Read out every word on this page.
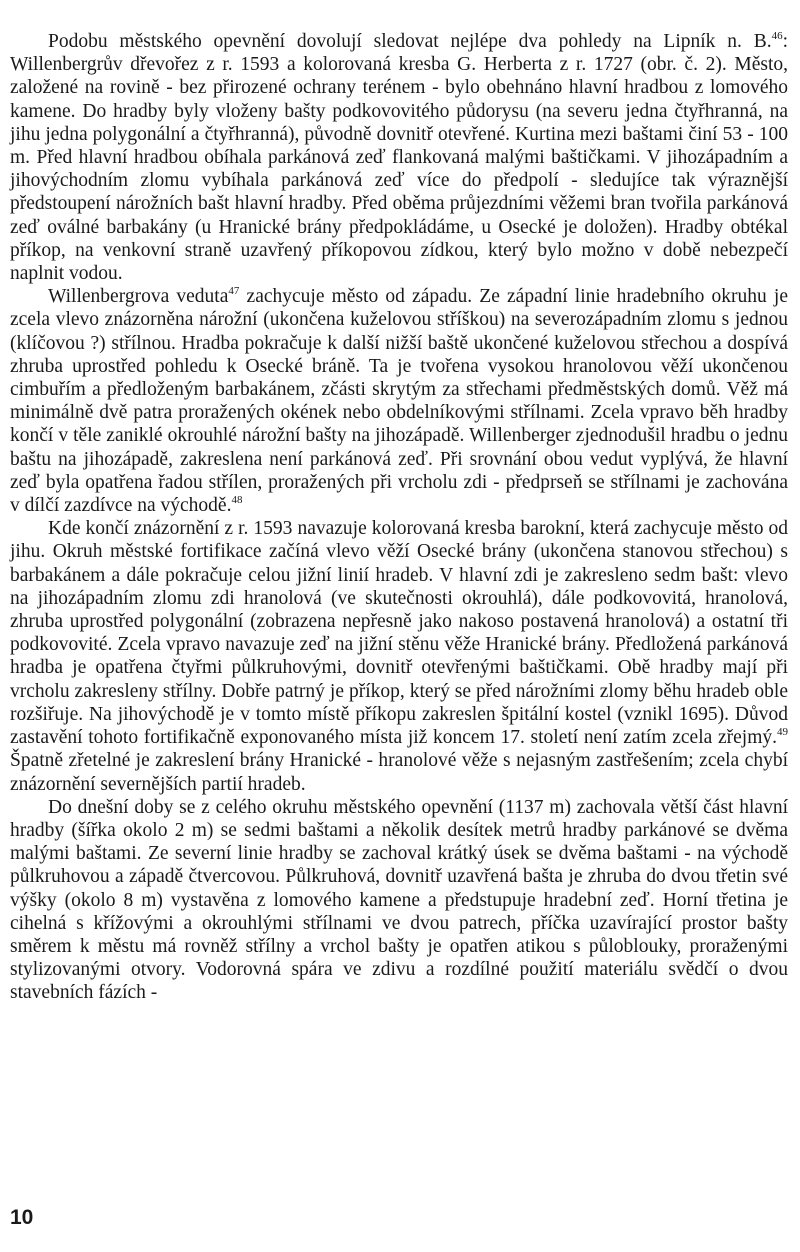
Podobu městského opevnění dovolují sledovat nejlépe dva pohledy na Lipník n. B.$^{46}$: Willenbergrův dřevořez z r. 1593 a kolorovaná kresba G. Herberta z r. 1727 (obr. č. 2). Město, založené na rovině - bez přirozené ochrany terénem - bylo obehnáno hlavní hradbou z lomového kamene. Do hradby byly vloženy bašty podkovovitého půdorysu (na severu jedna čtyřhranná, na jihu jedna polygonální a čtyřhranná), původně dovnitř otevřené. Kurtina mezi baštami činí 53 - 100 m. Před hlavní hradbou obíhala parkánová zeď flankovaná malými baštičkami. V jihozápadním a jihovýchodním zlomu vybíhala parkánová zeď více do předpolí - sledujíce tak výraznější předstoupení nárožních bašt hlavní hradby. Před oběma průjezdními věžemi bran tvořila parkánová zeď oválné barbakány (u Hranické brány předpokládáme, u Osecké je doložen). Hradby obtékal příkop, na venkovní straně uzavřený příkopovou zídkou, který bylo možno v době nebezpečí naplnit vodou.

Willenbergrova veduta$^{47}$ zachycuje město od západu. Ze západní linie hradebního okruhu je zcela vlevo znázorněna nárožní (ukončena kuželovou stříškou) na severozápadním zlomu s jednou (klíčovou ?) střílnou. Hradba pokračuje k další nižší baště ukončené kuželovou střechou a dospívá zhruba uprostřed pohledu k Osecké bráně. Ta je tvořena vysokou hranolovou věží ukončenou cimbuřím a předloženým barbakánem, zčásti skrytým za střechami předměstských domů. Věž má minimálně dvě patra proražených okének nebo obdelníkovými střílnami. Zcela vpravo běh hradby končí v těle zaniklé okrouhlé nárožní bašty na jihozápadě. Willenberger zjednodušil hradbu o jednu baštu na jihozápadě, zakreslena není parkánová zeď. Při srovnání obou vedut vyplývá, že hlavní zeď byla opatřena řadou střílen, proražených při vrcholu zdi - předprseň se střílnami je zachována v dílčí zazdívce na východě.$^{48}$

Kde končí znázornění z r. 1593 navazuje kolorovaná kresba barokní, která zachycuje město od jihu. Okruh městské fortifikace začíná vlevo věží Osecké brány (ukončena stanovou střechou) s barbakánem a dále pokračuje celou jižní linií hradeb. V hlavní zdi je zakresleno sedm bašt: vlevo na jihozápadním zlomu zdi hranolová (ve skutečnosti okrouhlá), dále podkovovitá, hranolová, zhruba uprostřed polygonální (zobrazena nepřesně jako nakoso postavená hranolová) a ostatní tři podkovovité. Zcela vpravo navazuje zeď na jižní stěnu věže Hranické brány. Předložená parkánová hradba je opatřena čtyřmi půlkruhovými, dovnitř otevřenými baštičkami. Obě hradby mají při vrcholu zakresleny střílny. Dobře patrný je příkop, který se před nárožními zlomy běhu hradeb oble rozšiřuje. Na jihovýchodě je v tomto místě příkopu zakreslen špitální kostel (vznikl 1695). Důvod zastavění tohoto fortifikačně exponovaného místa již koncem 17. století není zatím zcela zřejmý.$^{49}$ Špatně zřetelné je zakreslení brány Hranické - hranolové věže s nejasným zastřešením; zcela chybí znázornění severnějších partií hradeb.

Do dnešní doby se z celého okruhu městského opevnění (1137 m) zachovala větší část hlavní hradby (šířka okolo 2 m) se sedmi baštami a několik desítek metrů hradby parkánové se dvěma malými baštami. Ze severní linie hradby se zachoval krátký úsek se dvěma baštami - na východě půlkruhovou a západě čtvercovou. Půlkruhová, dovnitř uzavřená bašta je zhruba do dvou třetin své výšky (okolo 8 m) vystavěna z lomového kamene a předstupuje hradební zeď. Horní třetina je cihelná s křížovými a okrouhlými střílnami ve dvou patrech, příčka uzavírající prostor bašty směrem k městu má rovněž střílny a vrchol bašty je opatřen atikou s půloblouky, proraženými stylizovanými otvory. Vodorovná spára ve zdivu a rozdílné použití materiálu svědčí o dvou stavebních fázích -

10
